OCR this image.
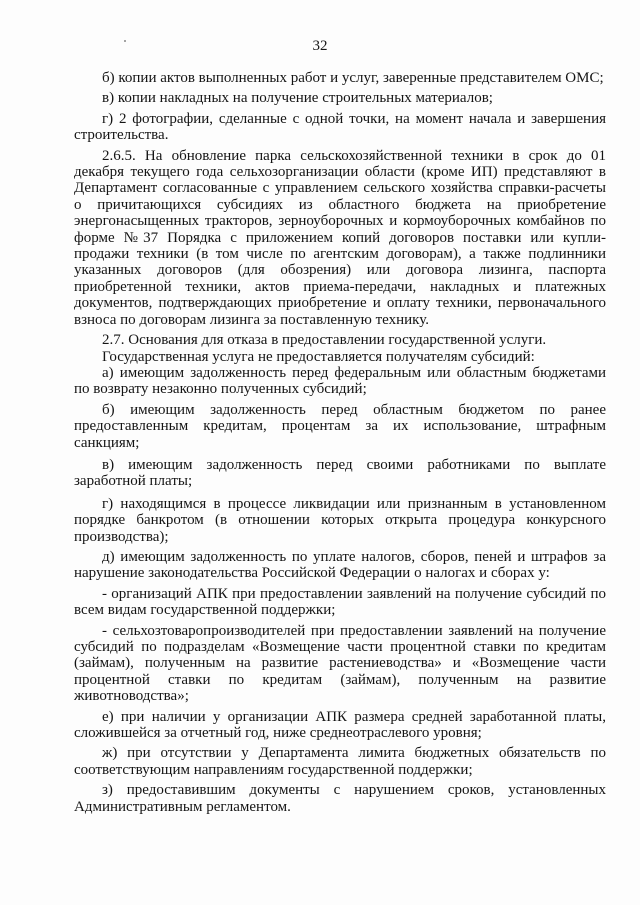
32

б) копии актов выполненных работ и услуг, заверенные представителем ОМС;

в) копии накладных на получение строительных материалов;

г) 2 фотографии, сделанные с одной точки, на момент начала и завершения строительства.

2.6.5. На обновление парка сельскохозяйственной техники в срок до 01 декабря текущего года сельхозорганизации области (кроме ИП) представляют в Департамент согласованные с управлением сельского хозяйства справки-расчеты о причитающихся субсидиях из областного бюджета на приобретение энергонасыщенных тракторов, зерноуборочных и кормоуборочных комбайнов по форме №37 Порядка с приложением копий договоров поставки или купли-продажи техники (в том числе по агентским договорам), а также подлинники указанных договоров (для обозрения) или договора лизинга, паспорта приобретенной техники, актов приема-передачи, накладных и платежных документов, подтверждающих приобретение и оплату техники, первоначального взноса по договорам лизинга за поставленную технику.

2.7. Основания для отказа в предоставлении государственной услуги.

Государственная услуга не предоставляется получателям субсидий:

а) имеющим задолженность перед федеральным или областным бюджетами по возврату незаконно полученных субсидий;

б) имеющим задолженность перед областным бюджетом по ранее предоставленным кредитам, процентам за их использование, штрафным санкциям;

в) имеющим задолженность перед своими работниками по выплате заработной платы;

г) находящимся в процессе ликвидации или признанным в установленном порядке банкротом (в отношении которых открыта процедура конкурсного производства);

д) имеющим задолженность по уплате налогов, сборов, пеней и штрафов за нарушение законодательства Российской Федерации о налогах и сборах у:

- организаций АПК при предоставлении заявлений на получение субсидий по всем видам государственной поддержки;

- сельхозтоваропроизводителей при предоставлении заявлений на получение субсидий по подразделам «Возмещение части процентной ставки по кредитам (займам), полученным на развитие растениеводства» и «Возмещение части процентной ставки по кредитам (займам), полученным на развитие животноводства»;

е) при наличии у организации АПК размера средней заработанной платы, сложившейся за отчетный год, ниже среднеотраслевого уровня;

ж) при отсутствии у Департамента лимита бюджетных обязательств по соответствующим направлениям государственной поддержки;

з) предоставившим документы с нарушением сроков, установленных Административным регламентом.
